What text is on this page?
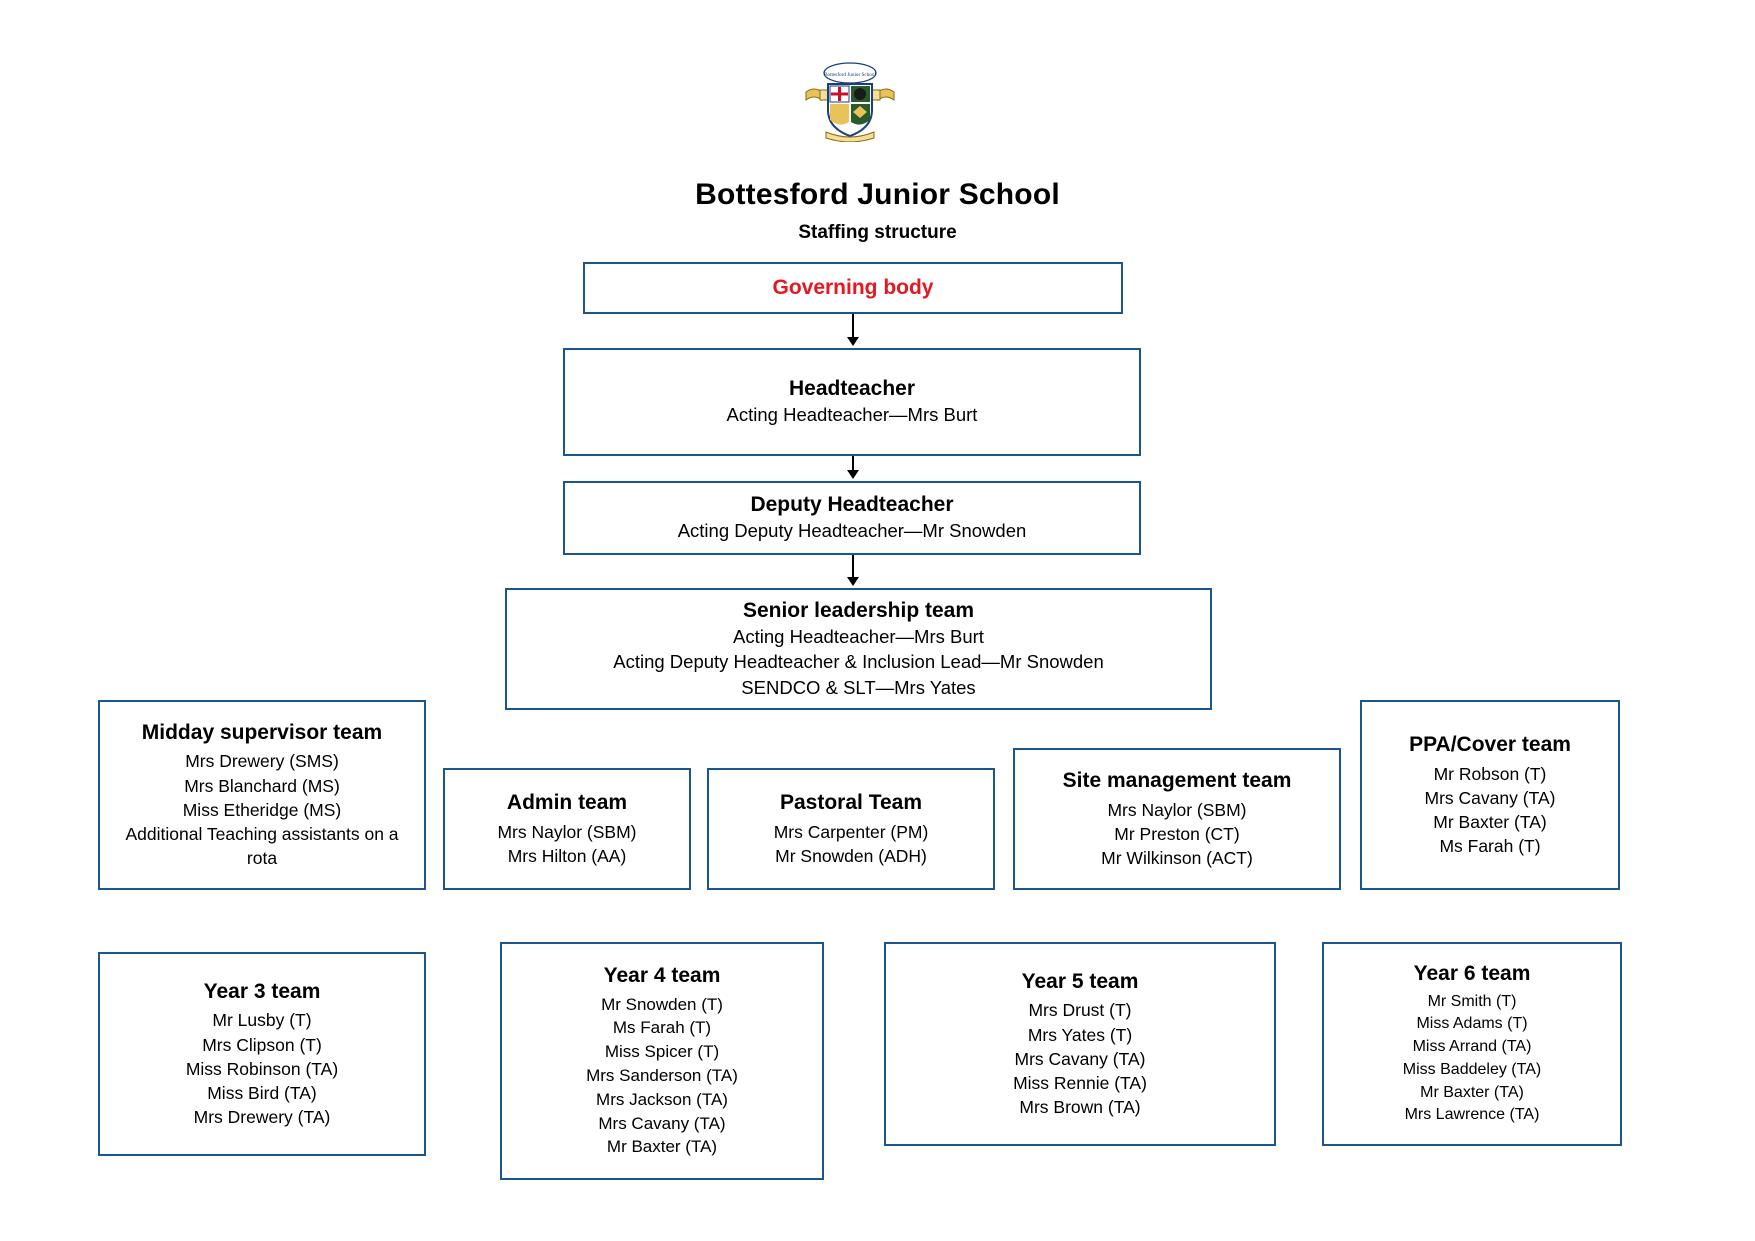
Bottesford Junior School
Bottesford Junior School
Staffing structure
Governing body
Headteacher
Acting Headteacher—Mrs Burt
Deputy Headteacher
Acting Deputy Headteacher—Mr Snowden
Senior leadership team
Acting Headteacher—Mrs Burt
Acting Deputy Headteacher & Inclusion Lead—Mr Snowden
SENDCO & SLT—Mrs Yates
Midday supervisor team
Mrs Drewery (SMS)
Mrs Blanchard (MS)
Miss Etheridge (MS)
Additional Teaching assistants on a rota
Admin team
Mrs Naylor (SBM)
Mrs Hilton (AA)
Pastoral Team
Mrs Carpenter (PM)
Mr Snowden (ADH)
Site management team
Mrs Naylor (SBM)
Mr Preston (CT)
Mr Wilkinson (ACT)
PPA/Cover team
Mr Robson (T)
Mrs Cavany (TA)
Mr Baxter (TA)
Ms Farah (T)
Year 3 team
Mr Lusby (T)
Mrs Clipson (T)
Miss Robinson (TA)
Miss Bird (TA)
Mrs Drewery (TA)
Year 4 team
Mr Snowden (T)
Ms Farah (T)
Miss Spicer (T)
Mrs Sanderson (TA)
Mrs Jackson (TA)
Mrs Cavany (TA)
Mr Baxter (TA)
Year 5 team
Mrs Drust (T)
Mrs Yates (T)
Mrs Cavany (TA)
Miss Rennie (TA)
Mrs Brown (TA)
Year 6 team
Mr Smith (T)
Miss Adams (T)
Miss Arrand (TA)
Miss Baddeley (TA)
Mr Baxter (TA)
Mrs Lawrence (TA)
